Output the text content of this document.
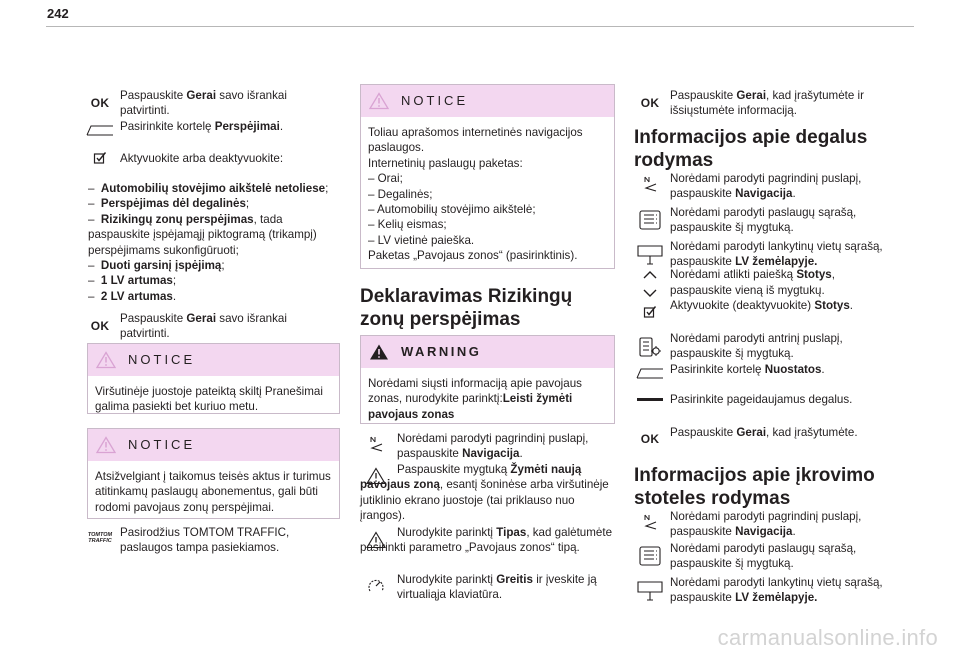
242
OK

Paspauskite Gerai savo išrankai patvirtinti.

Pasirinkite kortelę Perspėjimai.

Aktyvuokite arba deaktyvuokite:

– Automobilių stovėjimo aikštelė netoliese;
– Perspėjimas dėl degalinės;
– Rizikingų zonų perspėjimas, tada paspauskite įspėjamąjį piktogramą (trikampį) perspėjimams sukonfigūruoti;
– Duoti garsinį įspėjimą;
– 1 LV artumas;
– 2 LV artumas.
OK

Paspauskite Gerai savo išrankai patvirtinti.

NOTICE
Viršutinėje juostoje pateiktą skiltį Pranešimai galima pasiekti bet kuriuo metu.
NOTICE
Atsižvelgiant į taikomus teisės aktus ir turimus atitinkamų paslaugų abonementus, gali būti rodomi pavojaus zonų perspėjimai.
TOMTOM TRAFFIC

Pasirodžius TOMTOM TRAFFIC, paslaugos tampa pasiekiamos.

NOTICE
Toliau aprašomos internetinės navigacijos paslaugos.
Internetinių paslaugų paketas:
– Orai;
– Degalinės;
– Automobilių stovėjimo aikštelė;
– Kelių eismas;
– LV vietinė paieška.
Paketas „Pavojaus zonos“ (pasirinktinis).
Deklaravimas Rizikingų
zonų perspėjimas
WARNING
Norėdami siųsti informaciją apie pavojaus zonas, nurodykite parinktį:Leisti žymėti pavojaus zonas

Norėdami parodyti pagrindinį puslapį, paspauskite Navigacija.

Paspauskite mygtuką Žymėti naują pavojaus zoną, esantį šoninėse arba viršutinėje jutiklinio ekrano juostoje (tai priklauso nuo įrangos).

Nurodykite parinktį Tipas, kad galėtumėte pasirinkti parametro „Pavojaus zonos“ tipą.

Nurodykite parinktį Greitis ir įveskite ją virtualiąja klaviatūra.

OK

Paspauskite Gerai, kad įrašytumėte ir išsiųstumėte informaciją.

Informacijos apie degalus
rodymas

Norėdami parodyti pagrindinį puslapį, paspauskite Navigacija.

Norėdami parodyti paslaugų sąrašą, paspauskite šį mygtuką.

Norėdami parodyti lankytinų vietų sąrašą, paspauskite LV žemėlapyje.

Norėdami atlikti paiešką Stotys,

paspauskite vieną iš mygtukų.

Aktyvuokite (deaktyvuokite) Stotys.

Norėdami parodyti antrinį puslapį, paspauskite šį mygtuką.

Pasirinkite kortelę Nuostatos.

Pasirinkite pageidaujamus degalus.

OK Paspauskite Gerai, kad įrašytumėte.

Informacijos apie įkrovimo
stoteles rodymas

Norėdami parodyti pagrindinį puslapį, paspauskite Navigacija.

Norėdami parodyti paslaugų sąrašą, paspauskite šį mygtuką.

Norėdami parodyti lankytinų vietų sąrašą, paspauskite LV žemėlapyje.

carmanualsonline.info
